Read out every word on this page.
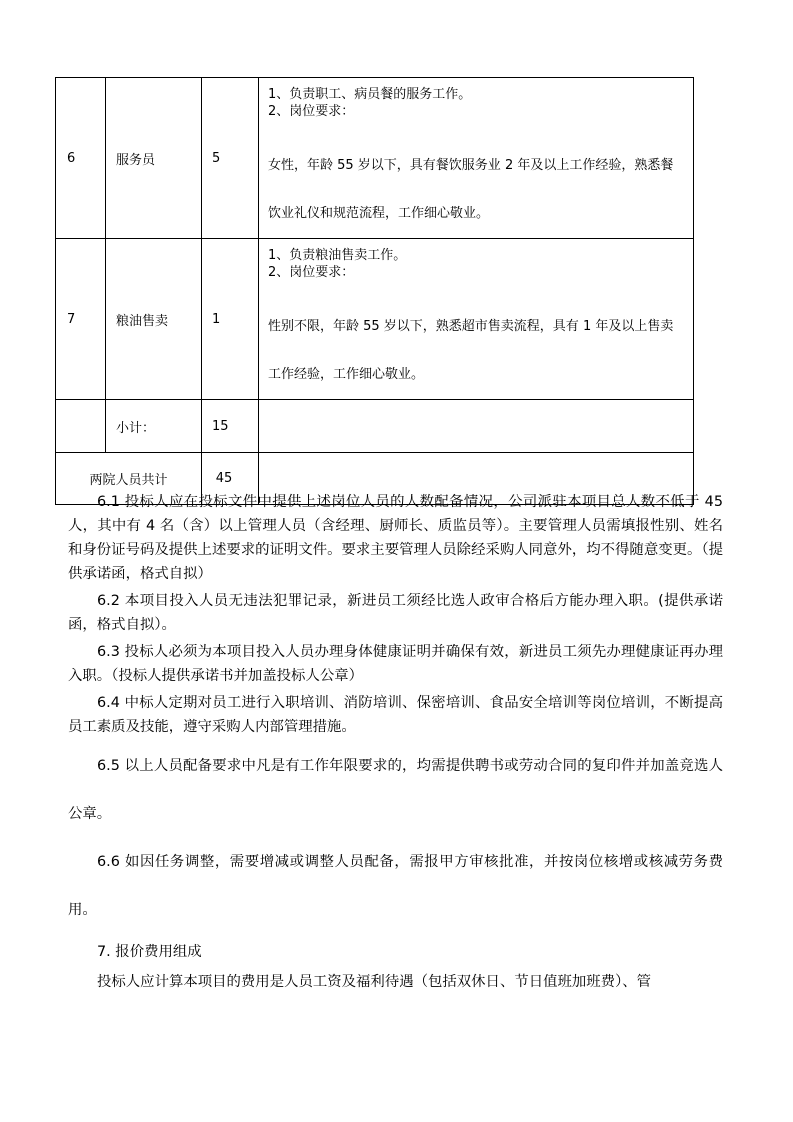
6	服务员	5	1、负责职工、病员餐的服务工作。
2、岗位要求：
女性，年龄 55 岁以下，具有餐饮服务业 2 年及以上工作经验，熟悉餐饮业礼仪和规范流程，工作细心敬业。

7	粮油售卖	1	1、负责粮油售卖工作。
2、岗位要求：
性别不限，年龄 55 岁以下，熟悉超市售卖流程，具有 1 年及以上售卖工作经验，工作细心敬业。

	小计：	15	
两院人员共计		45	

6.1 投标人应在投标文件中提供上述岗位人员的人数配备情况，公司派驻本项目总人数不低于 45 人，其中有 4 名（含）以上管理人员（含经理、厨师长、质监员等）。主要管理人员需填报性别、姓名和身份证号码及提供上述要求的证明文件。要求主要管理人员除经采购人同意外，均不得随意变更。（提供承诺函，格式自拟）

6.2 本项目投入人员无违法犯罪记录，新进员工须经比选人政审合格后方能办理入职。(提供承诺函，格式自拟）。

6.3 投标人必须为本项目投入人员办理身体健康证明并确保有效，新进员工须先办理健康证再办理入职。（投标人提供承诺书并加盖投标人公章）

6.4 中标人定期对员工进行入职培训、消防培训、保密培训、食品安全培训等岗位培训，不断提高员工素质及技能，遵守采购人内部管理措施。

6.5 以上人员配备要求中凡是有工作年限要求的，均需提供聘书或劳动合同的复印件并加盖竞选人公章。

6.6 如因任务调整，需要增减或调整人员配备，需报甲方审核批准，并按岗位核增或核减劳务费用。

7. 报价费用组成

投标人应计算本项目的费用是人员工资及福利待遇（包括双休日、节日值班加班费）、管
